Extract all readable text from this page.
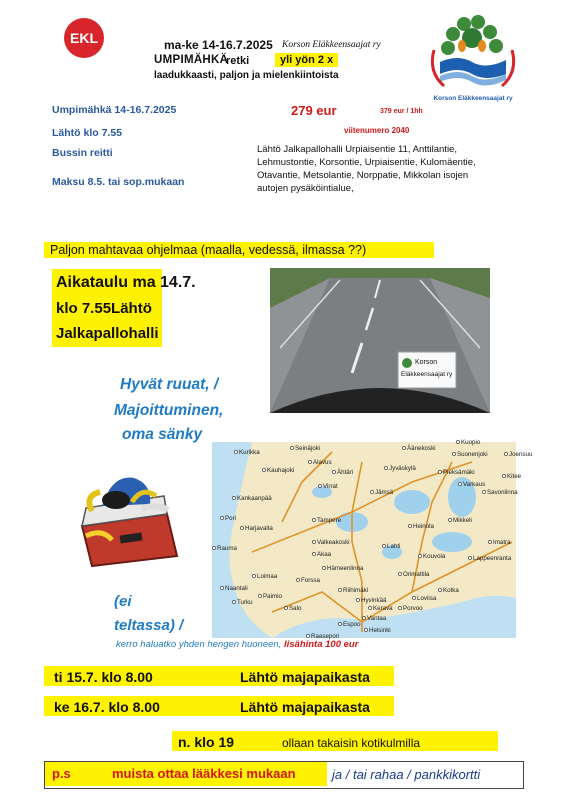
EKL	ma-ke 14-16.7.2025 Korson Eläkkeensaajat ry
UMPIMÄHKÄ
retki	yli yön 2 x
laadukkaasti, paljon ja mielenkiintoista
Korson Eläkkeensaajat ry
Umpimähkä 14-16.7.2025
Lähtö klo 7.55
Bussin reitti
Maksu 8.5. tai sop.mukaan
279 eur	379 eur / 1hh
viitenumero 2040
Lähtö Jalkapallohalli Urpiaisentie 11, Anttilantie, Lehmustontie, Korsontie, Urpiaisentie, Kulomäentie, Otavantie, Metsolantie, Norppatie, Mikkolan isojen autojen pysäköintialue,
Paljon mahtavaa ohjelmaa (maalla, vedessä, ilmassa ??)
Aikataulu ma 14.7.
klo 7.55Lähtö
Jalkapallohalli
Korson
Eläkkeensaajat ry
Hyvät ruuat, /
Majoittuminen,
oma sänky
Kurikka
Seinäjoki
Ähtäri
Äänekoski
Suonenjoki	Joensuu
Kauhajoki
Alavus
Jyväskylä
Pieksämäki
Kitee
Kankaanpää
Virrat
Jämsä
Mikkeli
Savonlinna
Pori	Tampere
Heinola
Harjavalta
Valkeakoski
Kouvola	Lappeenranta
Rauma
Akaa
Lahti
Hämeenlinna
Forssa
Riihimäki	Kotka
Loimaa
Hyvinkää	Loviisa
Naantali
Paimio
Kerava Porvoo
Turku
Salo
Vantaa
Espoo
Helsinki
Raasepori
Imatra
Kuopio
Varkaus
Orimattila
(ei
teltassa) /
kerro haluatko yhden hengen huoneen, lisähinta 100 eur
ti 15.7. klo 8.00	Lähtö majapaikasta
ke 16.7. klo 8.00	Lähtö majapaikasta
n. klo 19	ollaan takaisin kotikulmilla
p.s	muista ottaa lääkkesi mukaan	ja / tai rahaa / pankkikortti
